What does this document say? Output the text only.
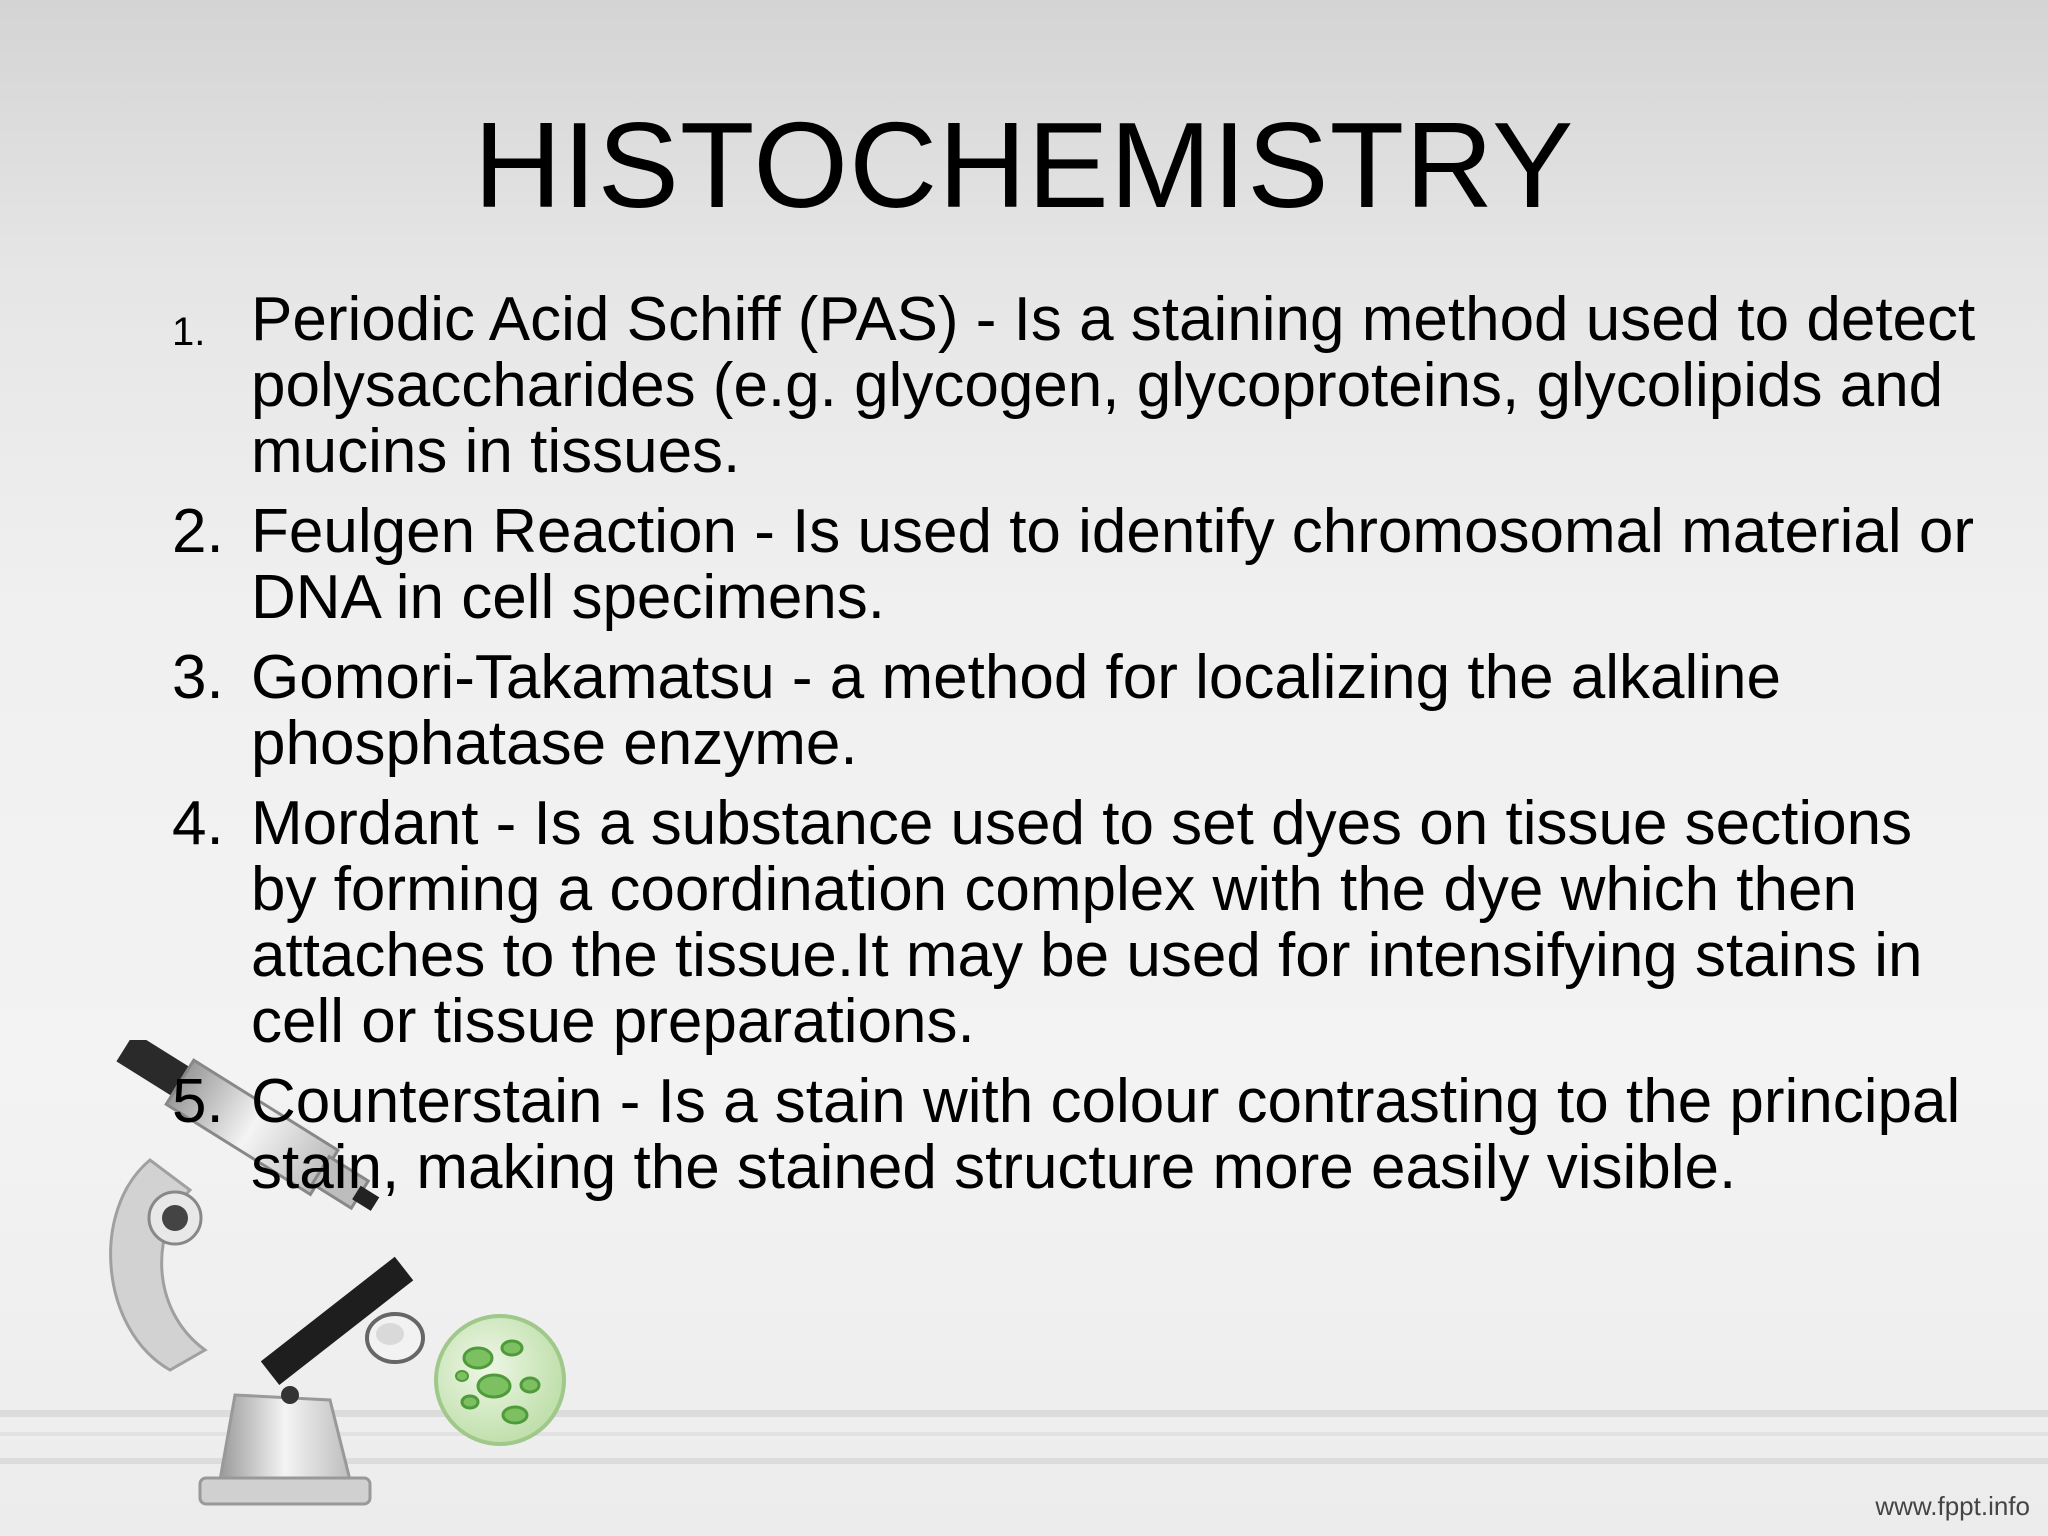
HISTOCHEMISTRY
1. Periodic Acid Schiff (PAS) - Is a staining method used to detect polysaccharides (e.g. glycogen, glycoproteins, glycolipids and mucins in tissues.
2. Feulgen Reaction - Is used to identify chromosomal material or DNA in cell specimens.
3. Gomori-Takamatsu - a method for localizing the alkaline phosphatase enzyme.
4. Mordant - Is a substance used to set dyes on tissue sections by forming a coordination complex with the dye which then attaches to the tissue.It may be used for intensifying stains in cell or tissue preparations.
5. Counterstain - Is a stain with colour contrasting to the principal stain, making the stained structure more easily visible.
www.fppt.info
